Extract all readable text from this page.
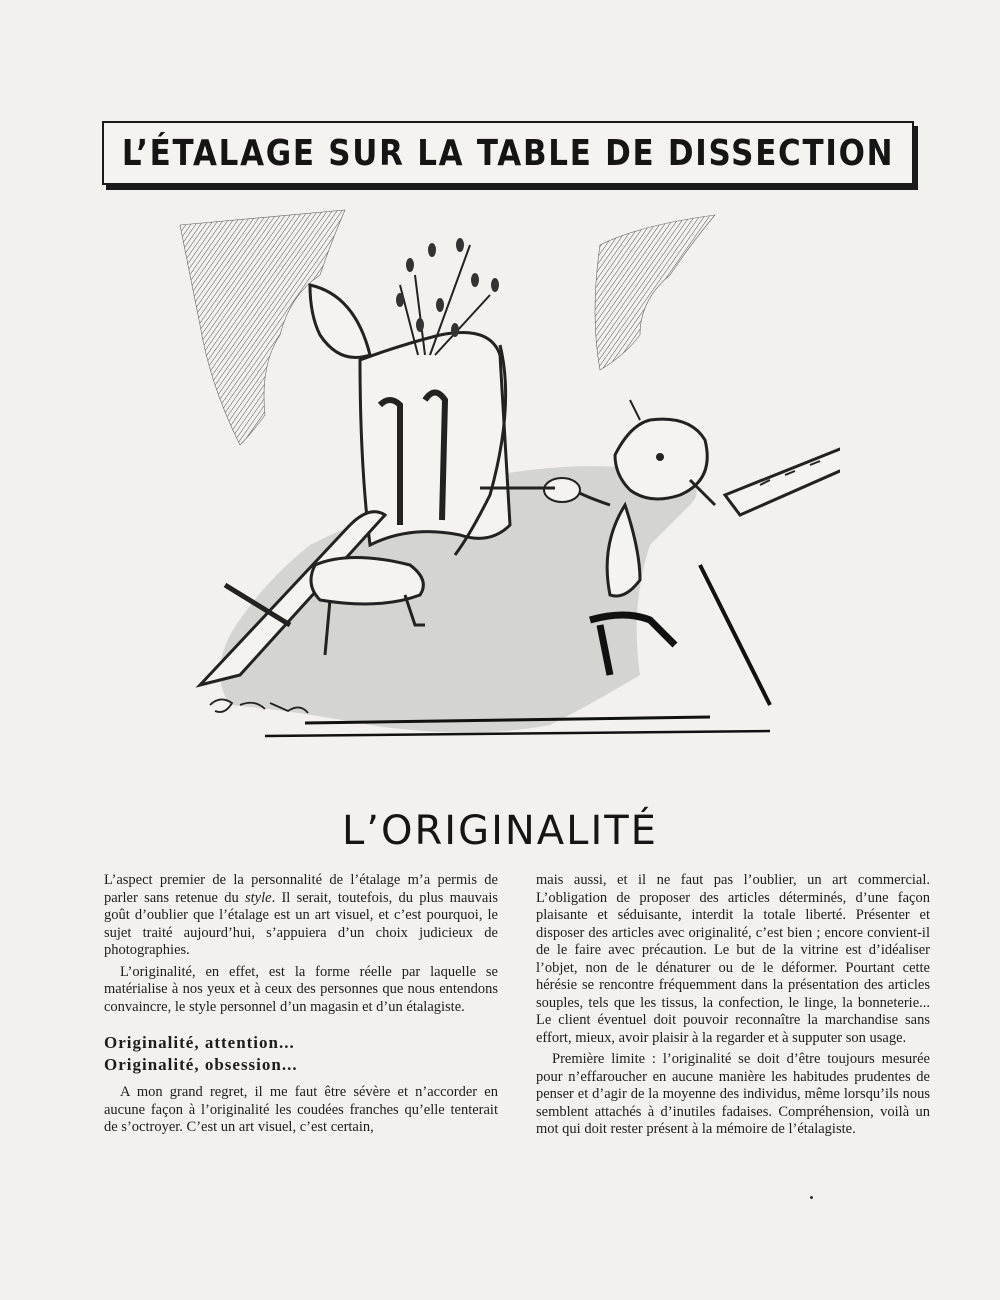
L’ÉTALAGE SUR LA TABLE DE DISSECTION
L’ORIGINALITÉ

L’aspect premier de la personnalité de l’étalage m’a permis de parler sans retenue du style. Il serait, toutefois, du plus mauvais goût d’oublier que l’étalage est un art visuel, et c’est pourquoi, le sujet traité aujourd’hui, s’appuiera d’un choix judicieux de photographies.

L’originalité, en effet, est la forme réelle par laquelle se matérialise à nos yeux et à ceux des personnes que nous entendons convaincre, le style personnel d’un magasin et d’un étalagiste.

Originalité, attention...
Originalité, obsession...

A mon grand regret, il me faut être sévère et n’accorder en aucune façon à l’originalité les coudées franches qu’elle tenterait de s’octroyer. C’est un art visuel, c’est certain,

mais aussi, et il ne faut pas l’oublier, un art commercial. L’obligation de proposer des articles déterminés, d’une façon plaisante et séduisante, interdit la totale liberté. Présenter et disposer des articles avec originalité, c’est bien ; encore convient-il de le faire avec précaution. Le but de la vitrine est d’idéaliser l’objet, non de le dénaturer ou de le déformer. Pourtant cette hérésie se rencontre fréquemment dans la présentation des articles souples, tels que les tissus, la confection, le linge, la bonneterie... Le client éventuel doit pouvoir reconnaître la marchandise sans effort, mieux, avoir plaisir à la regarder et à supputer son usage.

Première limite : l’originalité se doit d’être toujours mesurée pour n’effaroucher en aucune manière les habitudes prudentes de penser et d’agir de la moyenne des individus, même lorsqu’ils nous semblent attachés à d’inutiles fadaises. Compréhension, voilà un mot qui doit rester présent à la mémoire de l’étalagiste.
